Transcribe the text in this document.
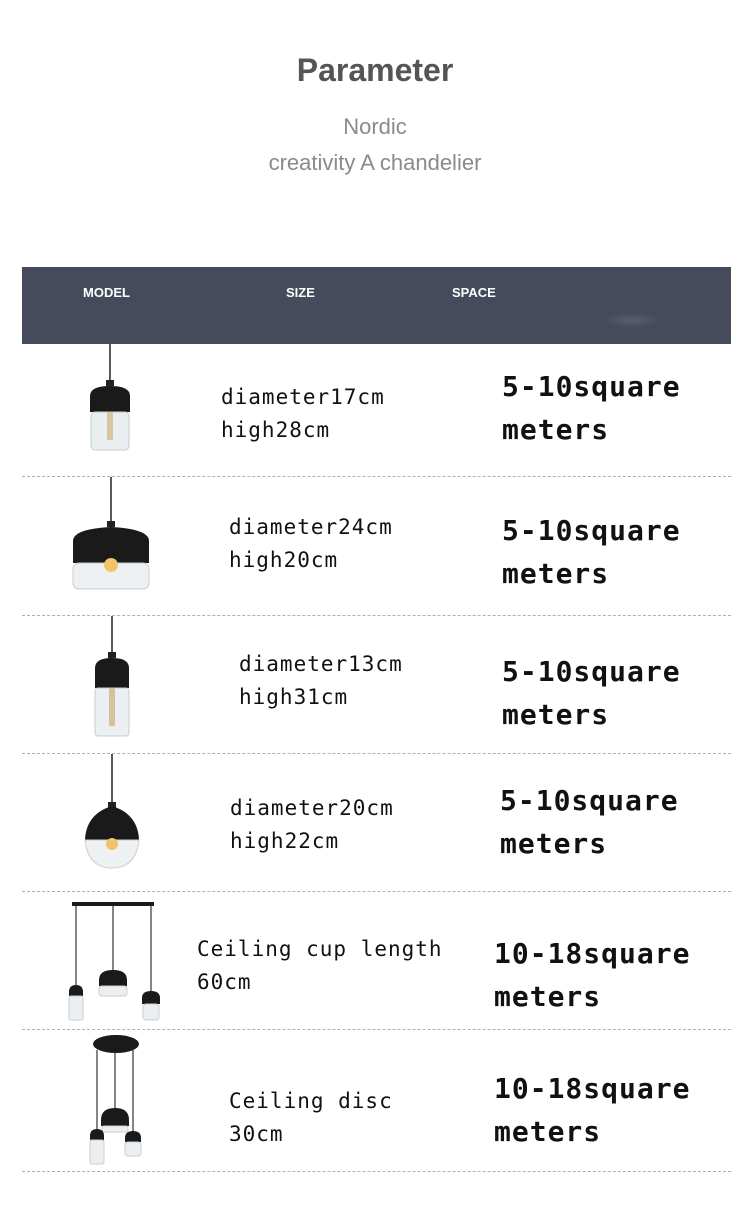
Parameter
Nordic
creativity A chandelier
MODEL	SIZE	SPACE
diameter17cm
high28cm
5-10square
meters
diameter24cm
high20cm
5-10square
meters
diameter13cm
high31cm
5-10square
meters
diameter20cm
high22cm
5-10square
meters
Ceiling cup length
60cm
10-18square
meters
Ceiling disc
30cm
10-18square
meters
